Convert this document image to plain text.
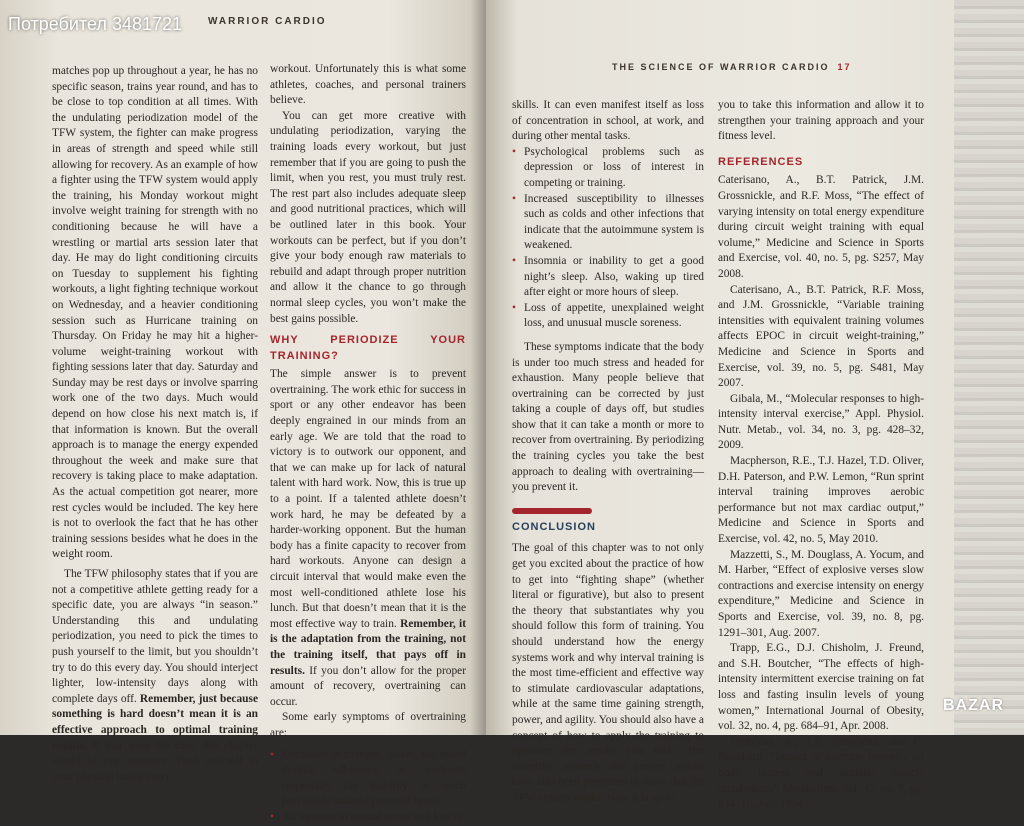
WARRIOR CARDIO

matches pop up throughout a year, he has no specific season, trains year round, and has to be close to top condition at all times. With the undulating periodization model of the TFW system, the fighter can make progress in areas of strength and speed while still allowing for recovery. As an example of how a fighter using the TFW system would apply the training, his Monday workout might involve weight training for strength with no conditioning because he will have a wrestling or martial arts session later that day. He may do light conditioning circuits on Tuesday to supplement his fighting workouts, a light fighting technique workout on Wednesday, and a heavier conditioning session such as Hurricane training on Thursday. On Friday he may hit a higher-volume weight-training workout with fighting sessions later that day. Saturday and Sunday may be rest days or involve sparring work one of the two days. Much would depend on how close his next match is, if that information is known. But the overall approach is to manage the energy expended throughout the week and make sure that recovery is taking place to make adaptation. As the actual competition got nearer, more rest cycles would be included. The key here is not to overlook the fact that he has other training sessions besides what he does in the weight room.

The TFW philosophy states that if you are not a competitive athlete getting ready for a specific date, you are always “in season.” Understanding this and undulating periodization, you need to pick the times to push yourself to the limit, but you shouldn’t try to do this every day. You should interject lighter, low-intensity days along with complete days off. Remember, just because something is hard doesn’t mean it is an effective approach to optimal training results. If that were the case, this chapter would be one sentence: Push yourself to your physical limits every

workout. Unfortunately this is what some athletes, coaches, and personal trainers believe.

You can get more creative with undulating periodization, varying the training loads every workout, but just remember that if you are going to push the limit, when you rest, you must truly rest. The rest part also includes adequate sleep and good nutritional practices, which will be outlined later in this book. Your workouts can be perfect, but if you don’t give your body enough raw materials to rebuild and adapt through proper nutrition and allow it the chance to go through normal sleep cycles, you won’t make the best gains possible.

WHY PERIODIZE YOUR TRAINING?

The simple answer is to prevent overtraining. The work ethic for success in sport or any other endeavor has been deeply engrained in our minds from an early age. We are told that the road to victory is to outwork our opponent, and that we can make up for lack of natural talent with hard work. Now, this is true up to a point. If a talented athlete doesn’t work hard, he may be defeated by a harder-working opponent. But the human body has a finite capacity to recover from hard workouts. Anyone can design a circuit interval that would make even the most well-conditioned athlete lose his lunch. But that doesn’t mean that it is the most effective way to train. Remember, it is the adaptation from the training, not the training itself, that pays off in results. If you don’t allow for the proper amount of recovery, overtraining can occur.

Some early symptoms of overtraining are:

• Decreases in strength, power, and speed despite adherence to workouts (especially the inability to reach previously attained personal bests).
• An increase in mental errors and loss of
THE SCIENCE OF WARRIOR CARDIO 17

skills. It can even manifest itself as loss of concentration in school, at work, and during other mental tasks.

• Psychological problems such as depression or loss of interest in competing or training.
• Increased susceptibility to illnesses such as colds and other infections that indicate that the autoimmune system is weakened.
• Insomnia or inability to get a good night’s sleep. Also, waking up tired after eight or more hours of sleep.
• Loss of appetite, unexplained weight loss, and unusual muscle soreness.

These symptoms indicate that the body is under too much stress and headed for exhaustion. Many people believe that overtraining can be corrected by just taking a couple of days off, but studies show that it can take a month or more to recover from overtraining. By periodizing the training cycles you take the best approach to dealing with overtraining—you prevent it.

CONCLUSION

The goal of this chapter was to not only get you excited about the practice of how to get into “fighting shape” (whether literal or figurative), but also to present the theory that substantiates why you should follow this form of training. You should understand how the energy systems work and why interval training is the most time-efficient and effective way to stimulate cardiovascular adaptations, while at the same time gaining strength, power, and agility. You should also have a concept of how to apply the training to optimize the results you seek. The scientific research and proven results have also been presented to show that the TFW system works. Now it is up to

you to take this information and allow it to strengthen your training approach and your fitness level.

REFERENCES

Caterisano, A., B.T. Patrick, J.M. Grossnickle, and R.F. Moss, “The effect of varying intensity on total energy expenditure during circuit weight training with equal volume,” Medicine and Science in Sports and Exercise, vol. 40, no. 5, pg. S257, May 2008.

Caterisano, A., B.T. Patrick, R.F. Moss, and J.M. Grossnickle, “Variable training intensities with equivalent training volumes affects EPOC in circuit weight-training,” Medicine and Science in Sports and Exercise, vol. 39, no. 5, pg. S481, May 2007.

Gibala, M., “Molecular responses to high-intensity interval exercise,” Appl. Physiol. Nutr. Metab., vol. 34, no. 3, pg. 428–32, 2009.

Macpherson, R.E., T.J. Hazel, T.D. Oliver, D.H. Paterson, and P.W. Lemon, “Run sprint interval training improves aerobic performance but not max cardiac output,” Medicine and Science in Sports and Exercise, vol. 42, no. 5, May 2010.

Mazzetti, S., M. Douglass, A. Yocum, and M. Harber, “Effect of explosive verses slow contractions and exercise intensity on energy expenditure,” Medicine and Science in Sports and Exercise, vol. 39, no. 8, pg. 1291–301, Aug. 2007.

Trapp, E.G., D.J. Chisholm, J. Freund, and S.H. Boutcher, “The effects of high-intensity intermittent exercise training on fat loss and fasting insulin levels of young women,” International Journal of Obesity, vol. 32, no. 4, pg. 684–91, Apr. 2008.

Tremblay, A., J.A. Simoneau, and C. Bouchard, “Impact of exercise intensity on body fatness and skeletal muscle metabolism,” Metabolism, vol. 43, no. 7, pg. 814–18, July 1994.

BAZAR
Потребител 3481721
